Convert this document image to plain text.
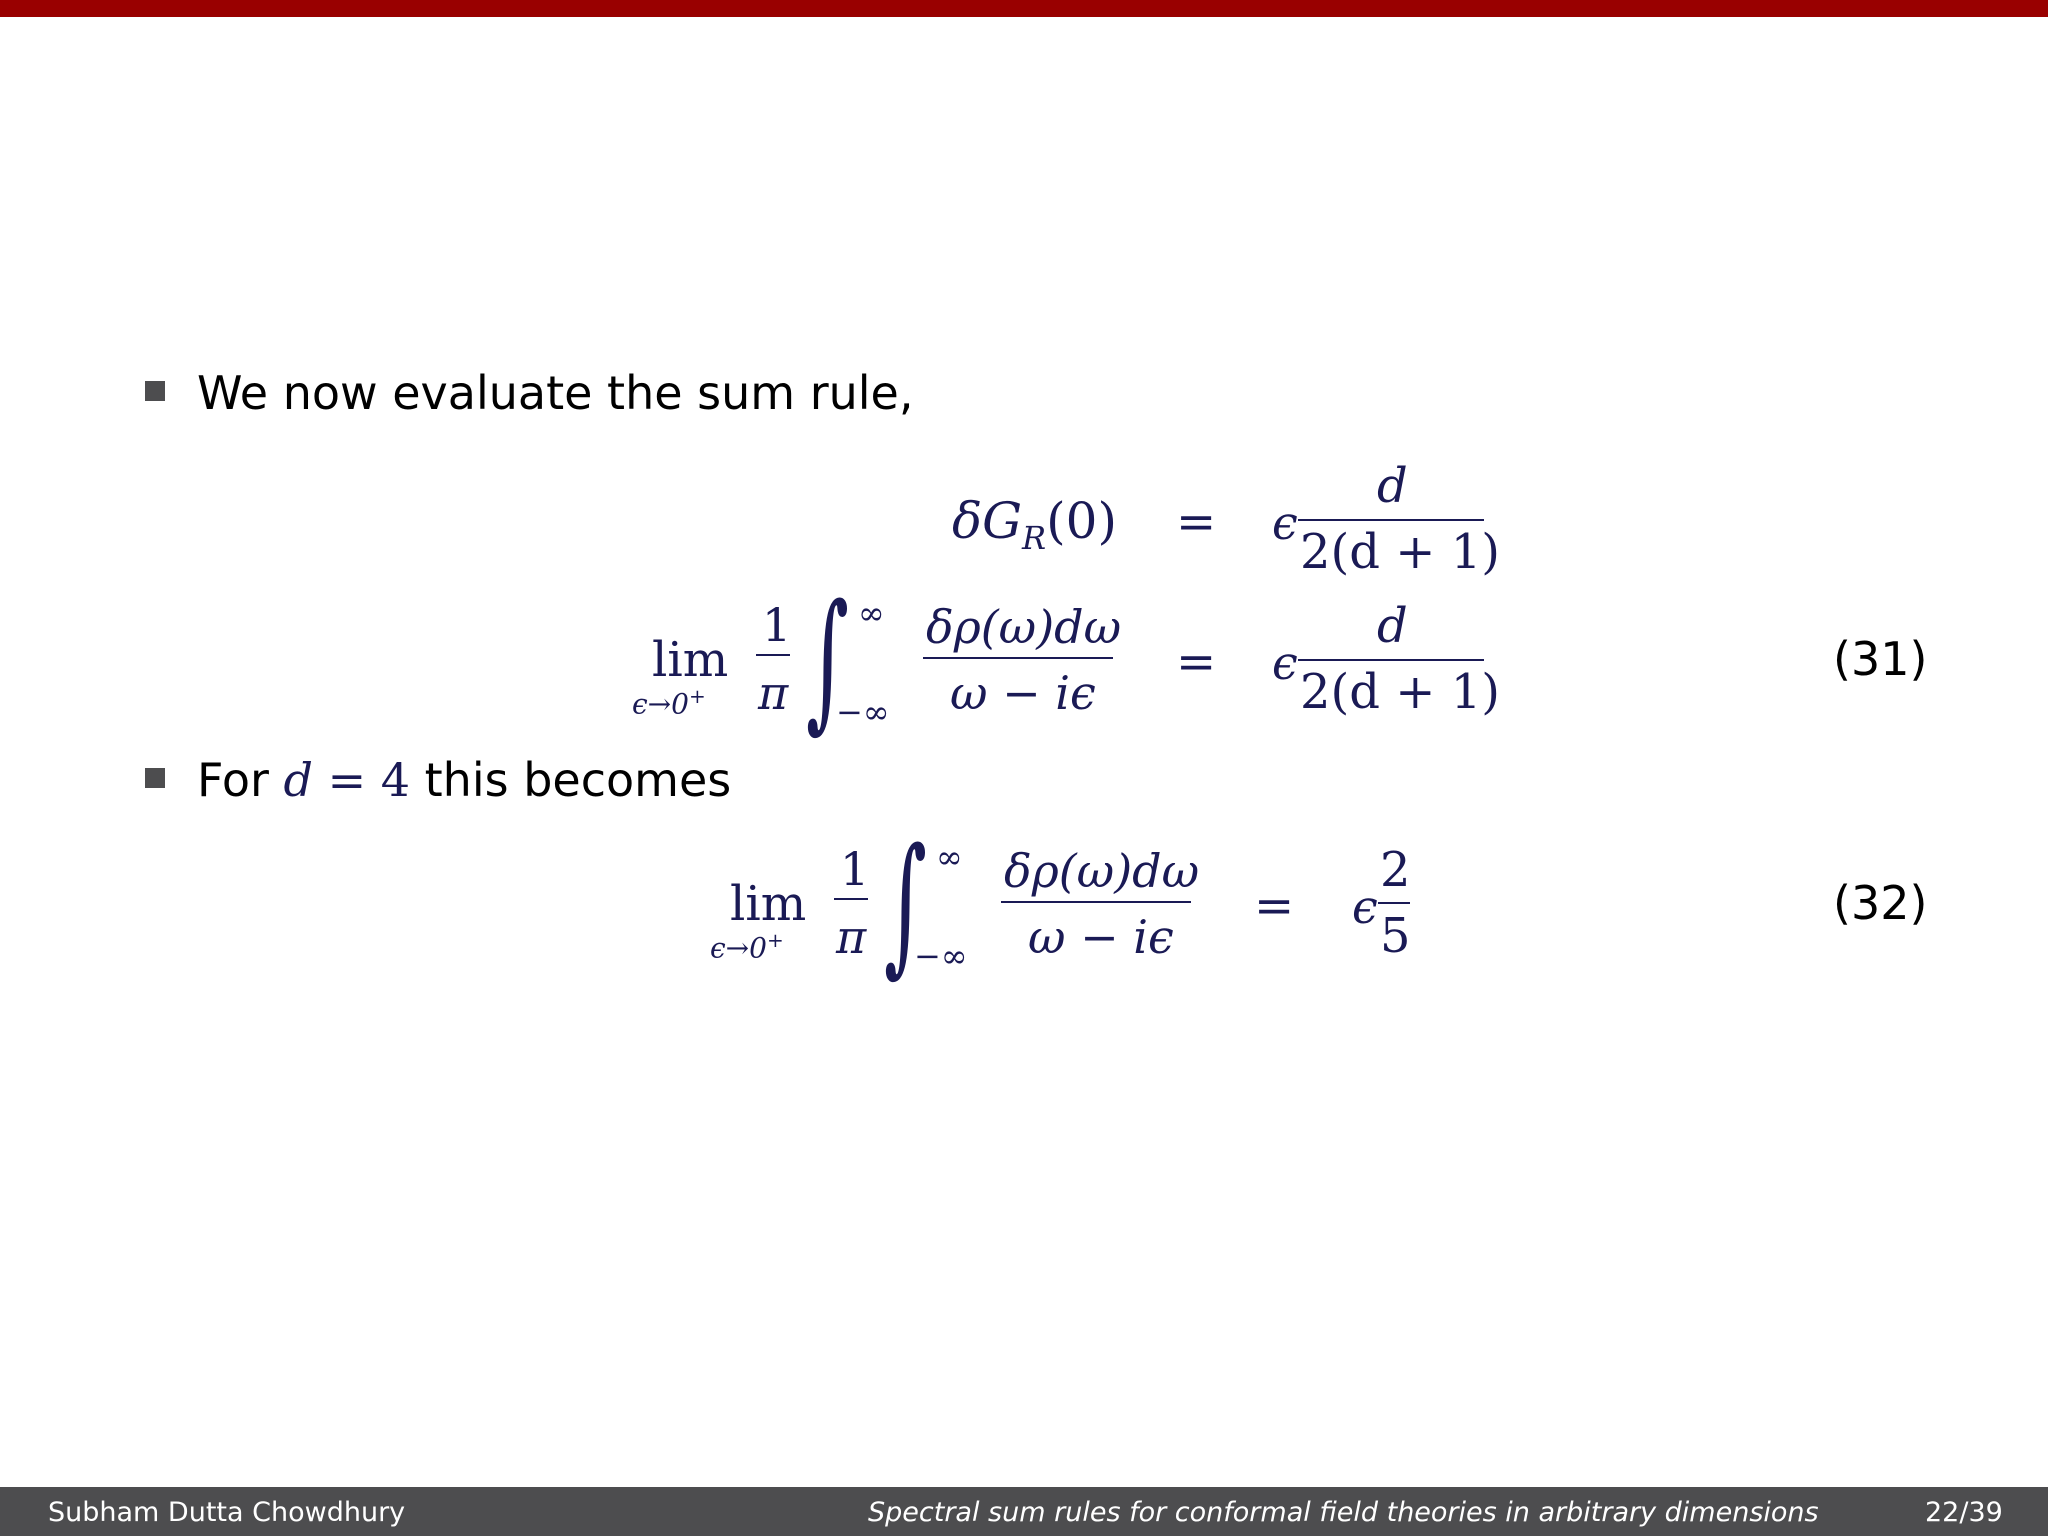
We now evaluate the sum rule,
$\delta G_R(0) = \epsilon$
d
2(d + 1)
lim
ϵ→0+
1
π ∫ ∞
−∞
δρ(ω)dω
ω − iϵ
= ϵ
d
2(d + 1)
(31)
For d = 4 this becomes
lim
ϵ→0+
1
π ∫ ∞
−∞
δρ(ω)dω
ω − iϵ
= ϵ
2
5
(32)
Subham Dutta Chowdhury	Spectral sum rules for conformal field theories in arbitrary dimensions	22/39
